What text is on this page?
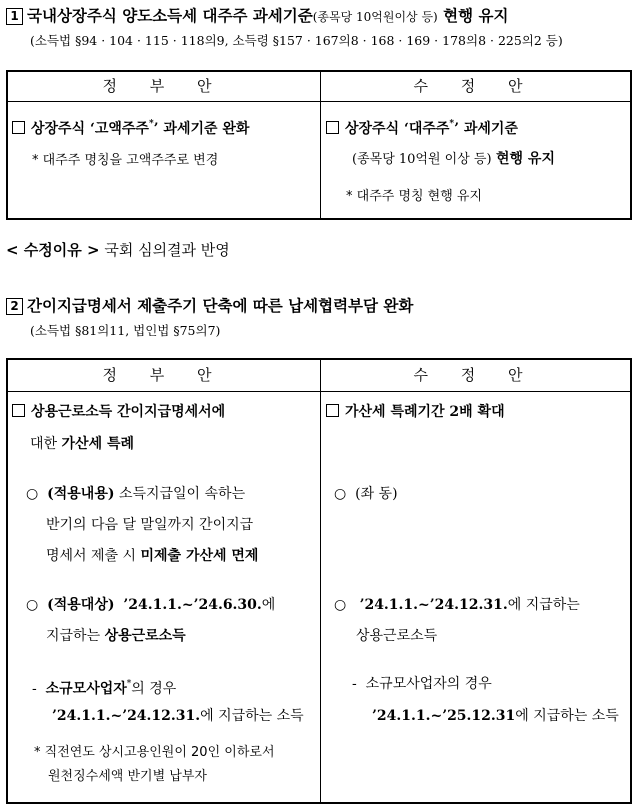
1 국내상장주식 양도소득세 대주주 과세기준(종목당 10억원이상 등) 현행 유지
(소득법 §94 · 104 · 115 · 118의9, 소득령 §157 · 167의8 · 168 · 169 · 178의8 · 225의2 등)
정 부 안	수 정 안
상장주식 ‘고액주주*’ 과세기준 완화
* 대주주 명칭을 고액주주로 변경
상장주식 ‘대주주*’ 과세기준
(종목당 10억원 이상 등) 현행 유지
* 대주주 명칭 현행 유지
< 수정이유 > 국회 심의결과 반영
2 간이지급명세서 제출주기 단축에 따른 납세협력부담 완화
(소득법 §81의11, 법인법 §75의7)
정 부 안	수 정 안
상용근로소득 간이지급명세서에
대한 가산세 특례
○ (적용내용) 소득지급일이 속하는
반기의 다음 달 말일까지 간이지급
명세서 제출 시 미제출 가산세 면제
○ (적용대상) ’24.1.1.~’24.6.30.에
지급하는 상용근로소득
- 소규모사업자*의 경우
’24.1.1.~’24.12.31.에 지급하는 소득
* 직전연도 상시고용인원이 20인 이하로서
원천징수세액 반기별 납부자
가산세 특례기간 2배 확대
○ (좌 동)
○ ’24.1.1.~’24.12.31.에 지급하는
상용근로소득
- 소규모사업자의 경우
’24.1.1.~’25.12.31에 지급하는 소득
